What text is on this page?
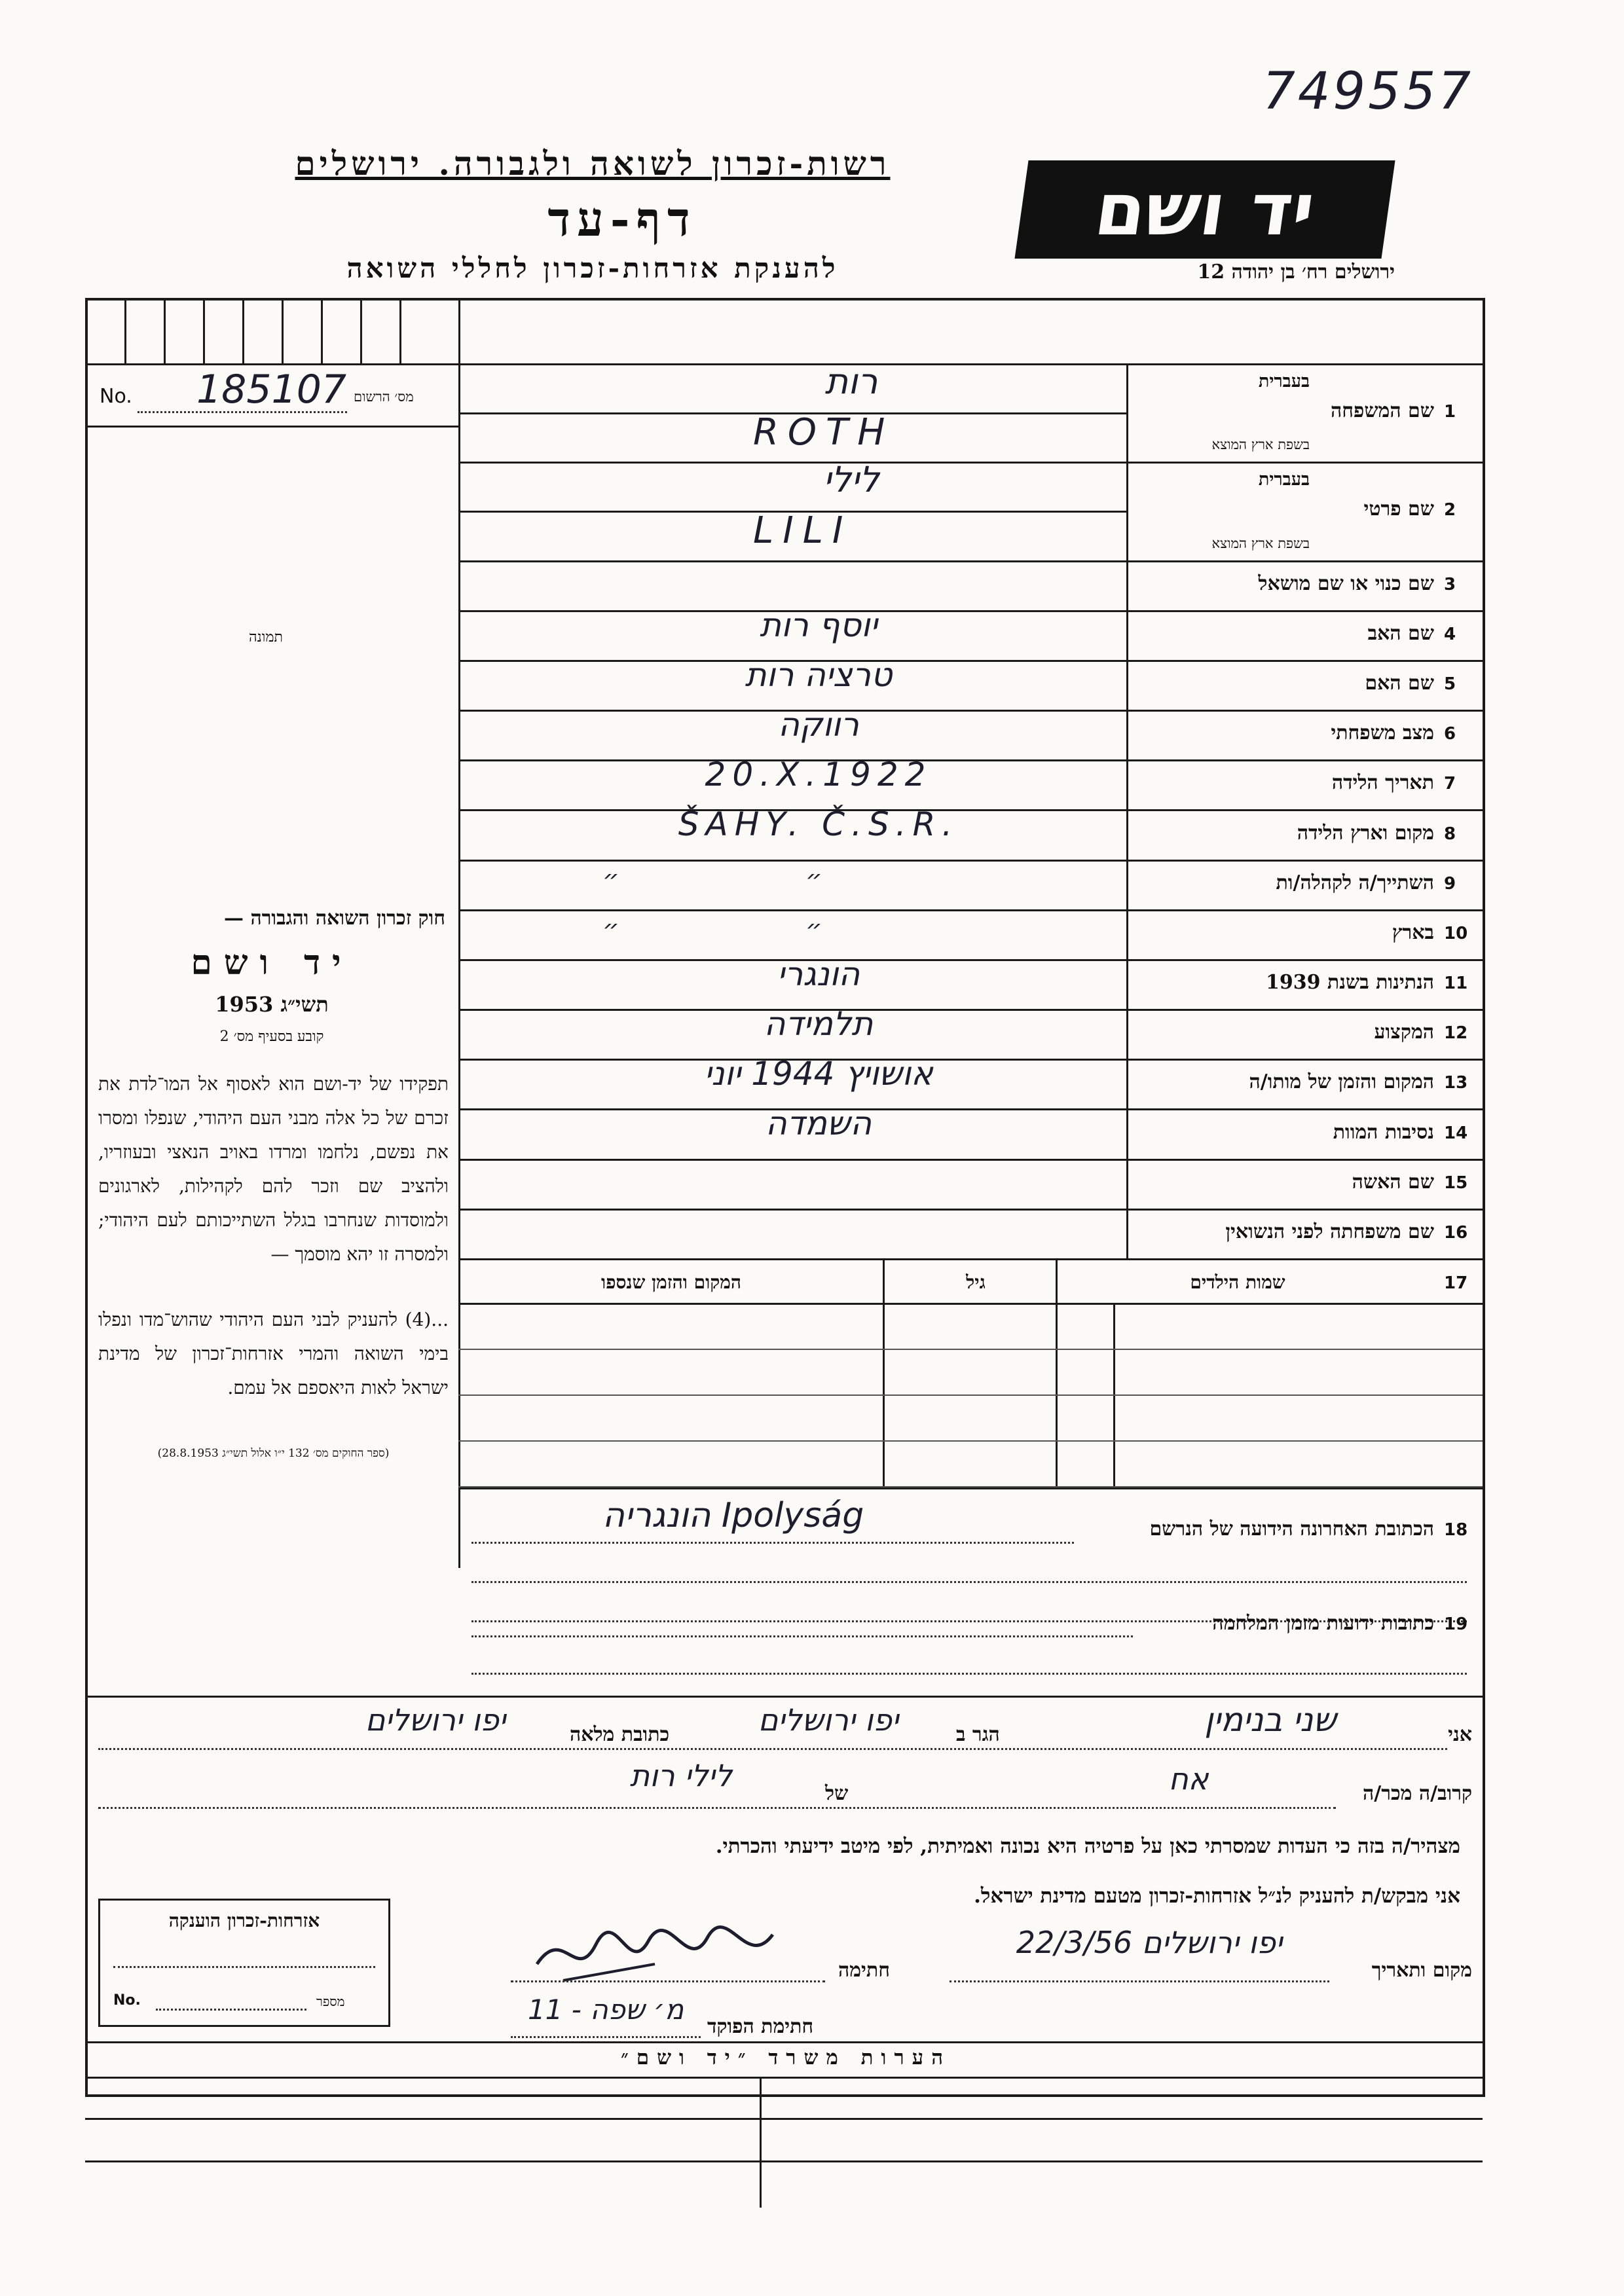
749557
רשות-זכרון לשואה ולגבורה. ירושלים
דף-עד
להענקת אזרחות-זכרון לחללי השואה
יד ושם
ירושלים רח׳ בן יהודה 12
No. 185107 מס׳ הרשום
תמונה
1
שם המשפחה
בעברית
בשפת ארץ המוצא
רות
ROTH
2
שם פרטי
בעברית
בשפת ארץ המוצא
לילי
LILI
3
שם כנוי או שם מושאל
4
שם האב
יוסף רות
5
שם האם
טרציה רות
6
מצב משפחתי
רווקה
7
תאריך הלידה
20.X.1922
8
מקום וארץ הלידה
ŠAHY. Č.S.R.
9
השתייך/ה לקהלה/ות
״
״
10
בארץ
״
״
11
הנתינות בשנת 1939
הונגרי
12
המקצוע
תלמידה
13
המקום והזמן של מותו/ה
אושויץ 1944 יוני
14
נסיבות המוות
השמדה
15
שם האשה
16
שם משפחתה לפני הנשואין
17
שמות הילדים
גיל
המקום והזמן שנספו
הונגריה Ipolyság	הכתובת האחרונה הידועה של הנרשם 18
כתובות ידועות מזמן המלחמה 19
חוק זכרון השואה והגבורה —
יד ושם
תשי״ג 1953
קובע בסעיף מס׳ 2
תפקידו של יד-ושם הוא לאסוף אל המו־לדת את זכרם של כל אלה מבני העם היהודי, שנפלו ומסרו את נפשם, נלחמו ומרדו באויב הנאצי ובעוזריו, ולהציב שם וזכר להם לקהילות, לארגונים ולמוסדות שנחרבו בגלל השתייכותם לעם היהודי; ולמסרה זו יהא מוסמך —
...(4) להעניק לבני העם היהודי שהוש־מדו ונפלו בימי השואה והמרי אזרחות־זכרון של מדינת ישראל לאות היאספם אל עמם.
(ספר החוקים מס׳ 132 י״ו אלול תשי״ג 28.8.1953)
אני
שני בנימין
הגר ב
יפו ירושלים
כתובת מלאה
יפו ירושלים
קרוב/ה מכר/ה
אח
של
לילי רות
מצהיר/ה בזה כי העדות שמסרתי כאן על פרטיה היא נכונה ואמיתית, לפי מיטב ידיעתי והכרתי.
אני מבקש/ת להעניק לנ״ל אזרחות-זכרון מטעם מדינת ישראל.
מקום ותאריך
יפו ירושלים 22/3/56
חתימה
חתימת הפוקד
מ׳ שפה - 11
אזרחות-זכרון הוענקה
No.	מספר
הערות משרד ״יד ושם״
